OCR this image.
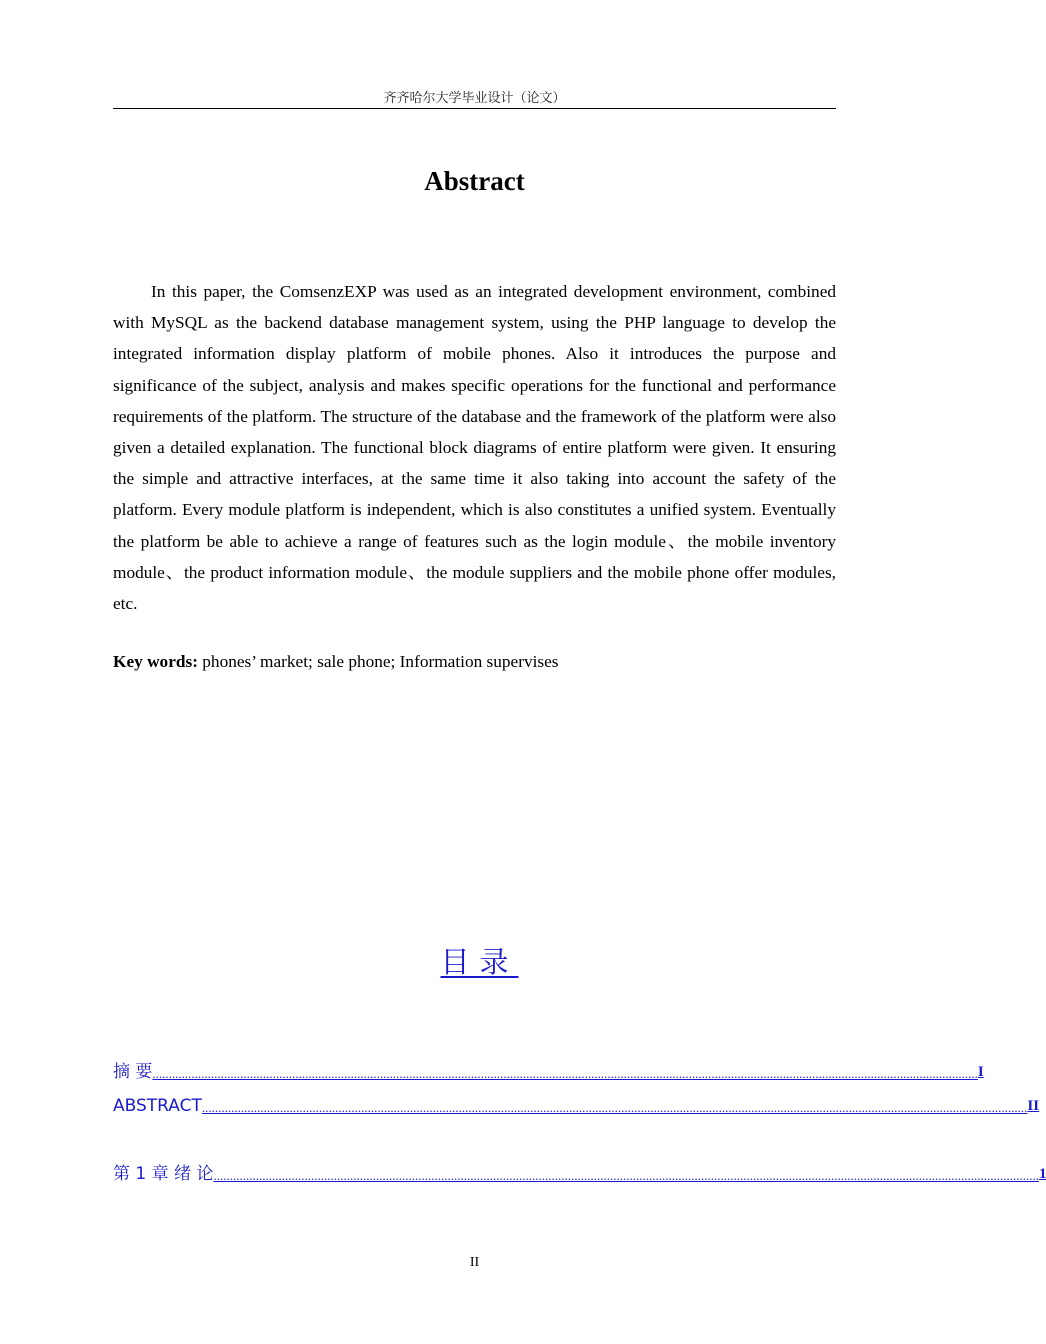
齐齐哈尔大学毕业设计（论文）
Abstract

In this paper, the ComsenzEXP was used as an integrated development environment, combined with MySQL as the backend database management system, using the PHP language to develop the integrated information display platform of mobile phones. Also it introduces the purpose and significance of the subject, analysis and makes specific operations for the functional and performance requirements of the platform. The structure of the database and the framework of the platform were also given a detailed explanation. The functional block diagrams of entire platform were given. It ensuring the simple and attractive interfaces, at the same time it also taking into account the safety of the platform. Every module platform is independent, which is also constitutes a unified system. Eventually the platform be able to achieve a range of features such as the login module、the mobile inventory module、the product information module、the module suppliers and the mobile phone offer modules, etc.

Key words: phones’ market; sale phone; Information supervises

目录
摘 要 .............................................................................................................................................................................................................................................................. I
ABSTRACT .............................................................................................................................................................................................................................................................. II
第 1 章 绪 论 .............................................................................................................................................................................................................................................................. 1
II
